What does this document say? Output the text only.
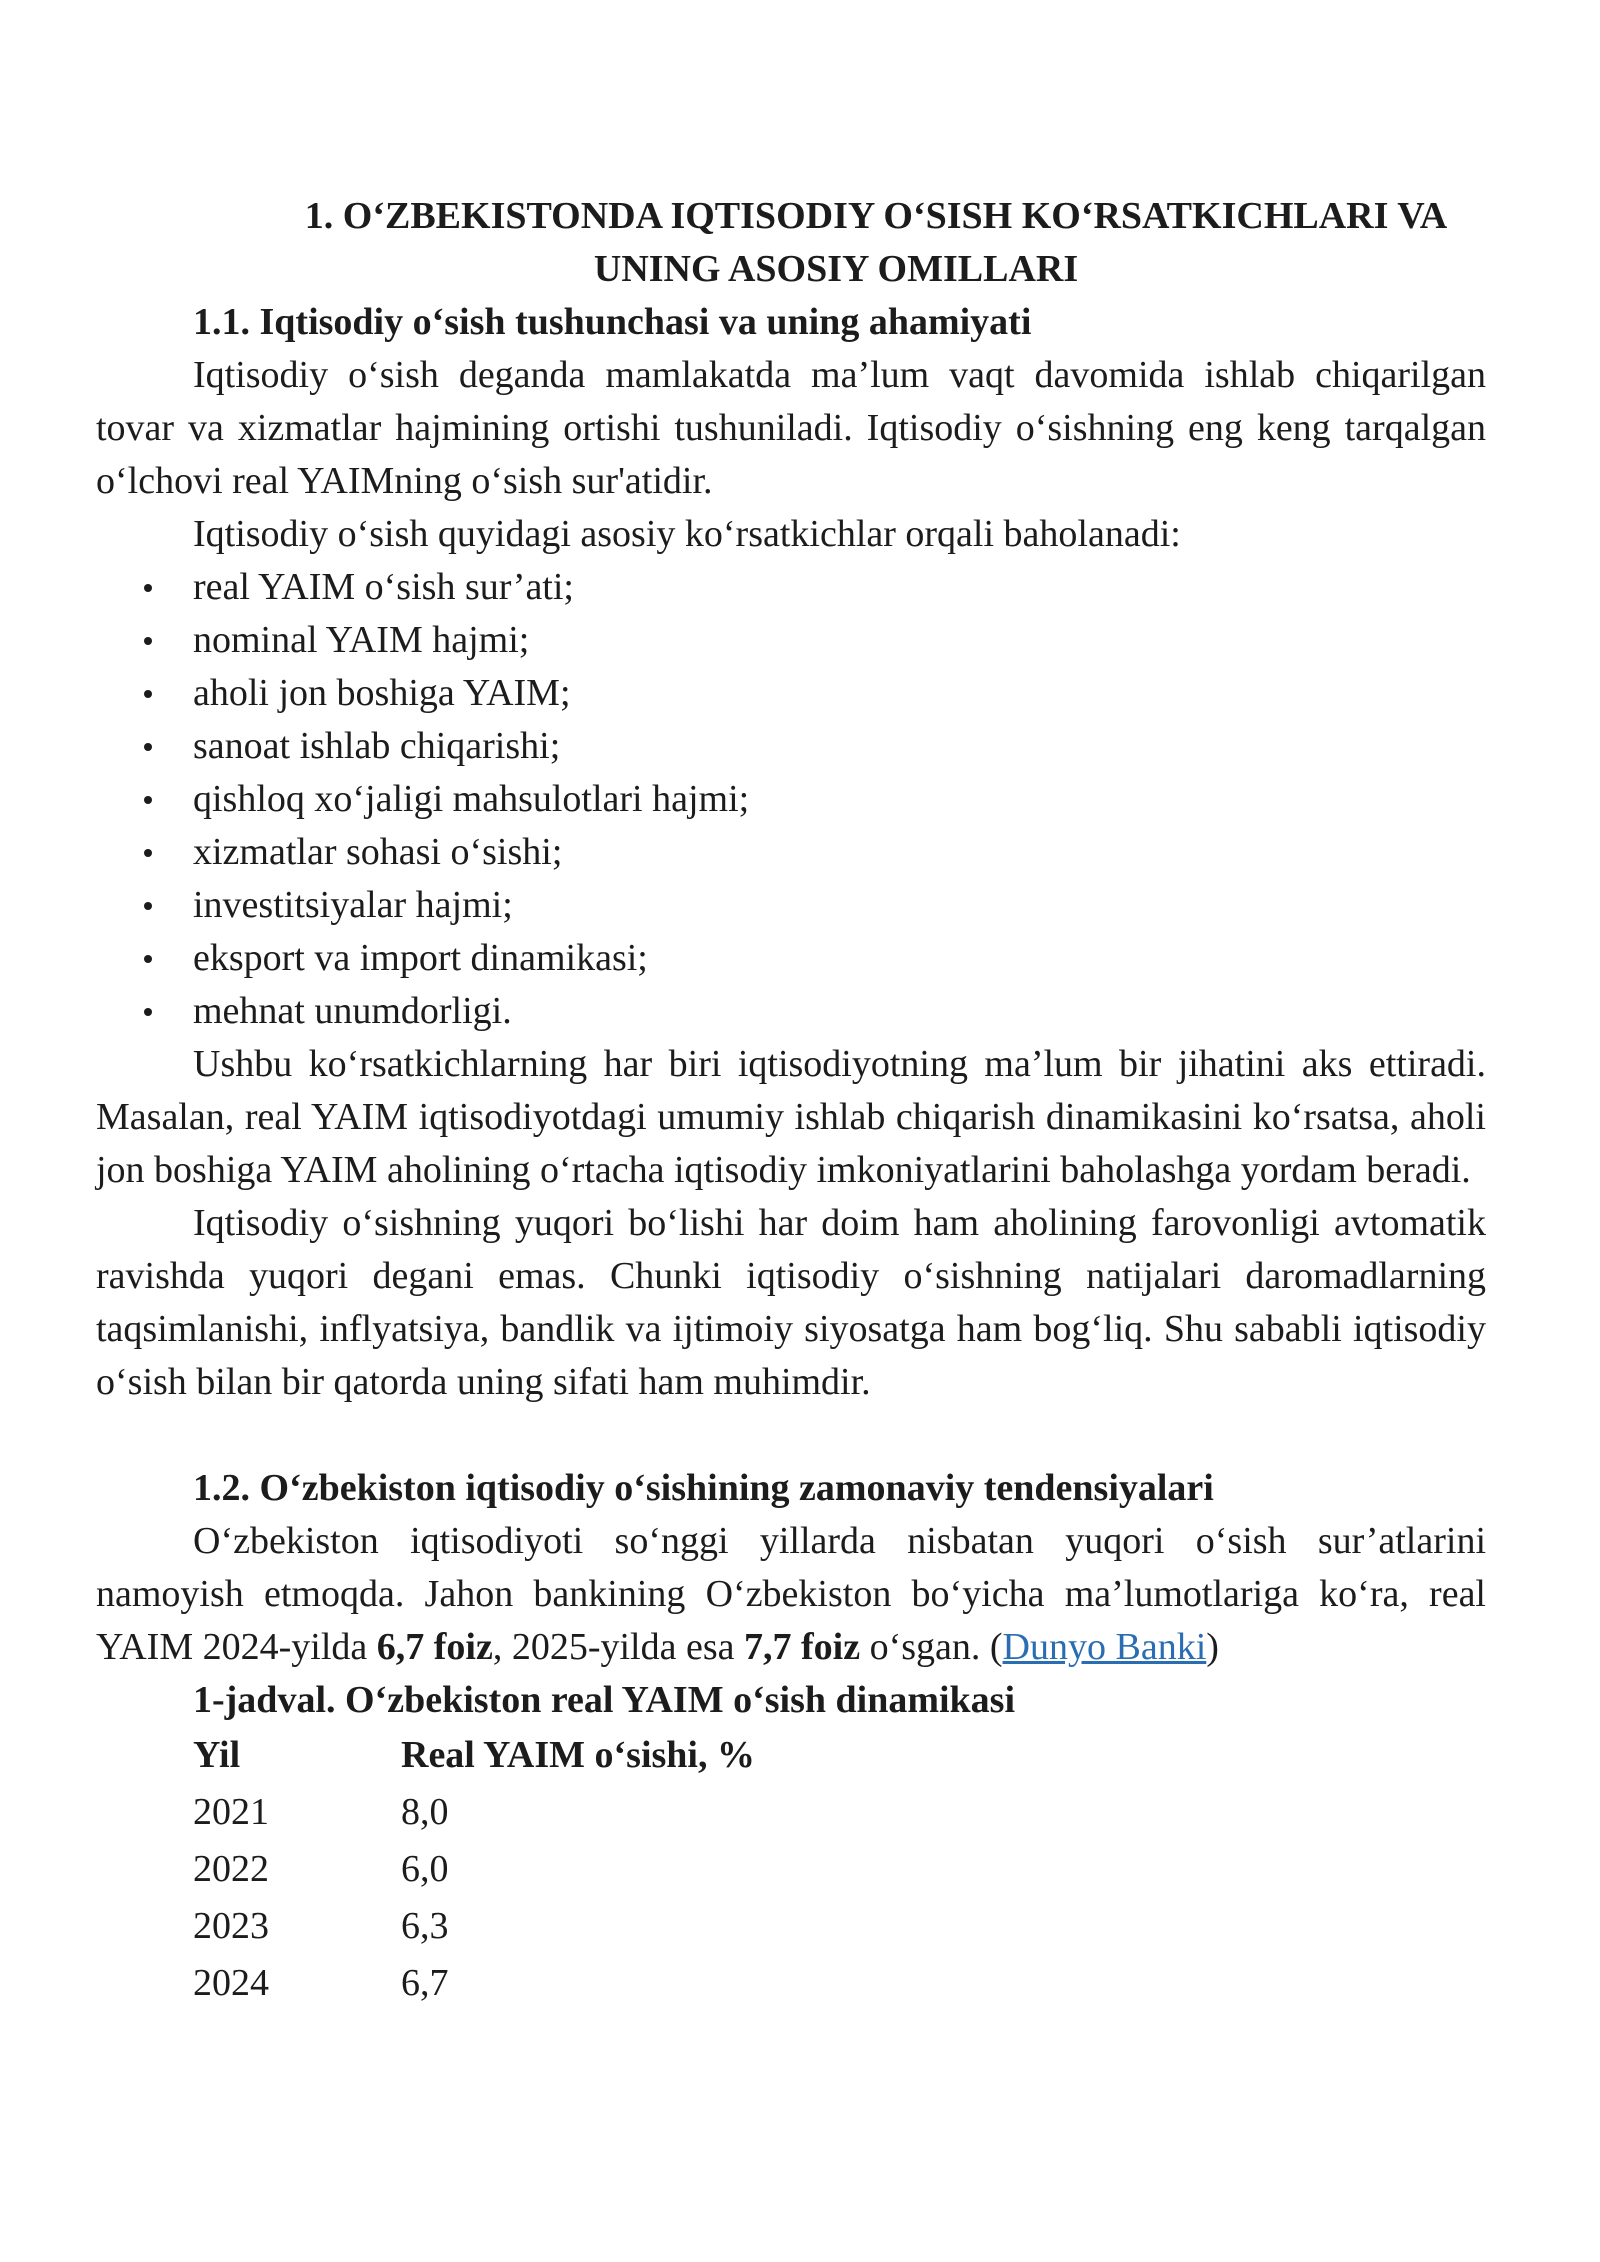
1. O‘ZBEKISTONDA IQTISODIY O‘SISH KO‘RSATKICHLARI VA
UNING ASOSIY OMILLARI
1.1. Iqtisodiy o‘sish tushunchasi va uning ahamiyati

Iqtisodiy o‘sish deganda mamlakatda ma’lum vaqt davomida ishlab chiqarilgan tovar va xizmatlar hajmining ortishi tushuniladi. Iqtisodiy o‘sishning eng keng tarqalgan o‘lchovi real YAIMning o‘sish sur'atidir.

Iqtisodiy o‘sish quyidagi asosiy ko‘rsatkichlar orqali baholanadi:

real YAIM o‘sish sur’ati;
nominal YAIM hajmi;
aholi jon boshiga YAIM;
sanoat ishlab chiqarishi;
qishloq xo‘jaligi mahsulotlari hajmi;
xizmatlar sohasi o‘sishi;
investitsiyalar hajmi;
eksport va import dinamikasi;
mehnat unumdorligi.

Ushbu ko‘rsatkichlarning har biri iqtisodiyotning ma’lum bir jihatini aks ettiradi. Masalan, real YAIM iqtisodiyotdagi umumiy ishlab chiqarish dinamikasini ko‘rsatsa, aholi jon boshiga YAIM aholining o‘rtacha iqtisodiy imkoniyatlarini baholashga yordam beradi.

Iqtisodiy o‘sishning yuqori bo‘lishi har doim ham aholining farovonligi avtomatik ravishda yuqori degani emas. Chunki iqtisodiy o‘sishning natijalari daromadlarning taqsimlanishi, inflyatsiya, bandlik va ijtimoiy siyosatga ham bog‘liq. Shu sababli iqtisodiy o‘sish bilan bir qatorda uning sifati ham muhimdir.

1.2. O‘zbekiston iqtisodiy o‘sishining zamonaviy tendensiyalari

O‘zbekiston iqtisodiyoti so‘nggi yillarda nisbatan yuqori o‘sish sur’atlarini namoyish etmoqda. Jahon bankining O‘zbekiston bo‘yicha ma’lumotlariga ko‘ra, real YAIM 2024-yilda 6,7 foiz, 2025-yilda esa 7,7 foiz o‘sgan. (Dunyo Banki)

1-jadval. O‘zbekiston real YAIM o‘sish dinamikasi
Yil	Real YAIM o‘sishi, %
2021	8,0
2022	6,0
2023	6,3
2024	6,7
